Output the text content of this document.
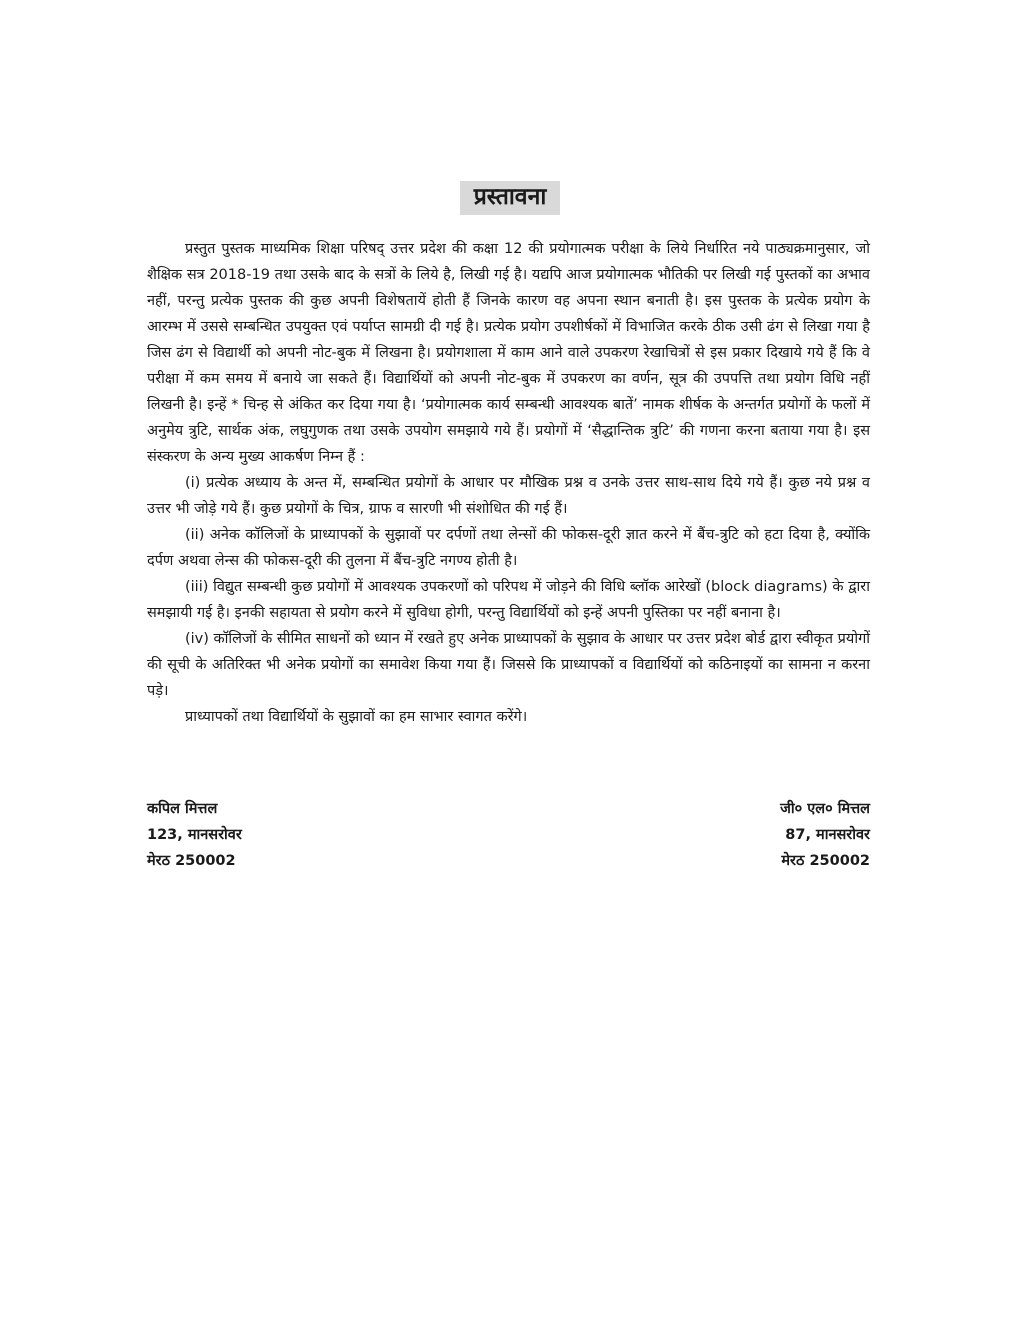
प्रस्तावना

प्रस्तुत पुस्तक माध्यमिक शिक्षा परिषद् उत्तर प्रदेश की कक्षा 12 की प्रयोगात्मक परीक्षा के लिये निर्धारित नये पाठ्यक्रमानुसार, जो शैक्षिक सत्र 2018-19 तथा उसके बाद के सत्रों के लिये है, लिखी गई है। यद्यपि आज प्रयोगात्मक भौतिकी पर लिखी गई पुस्तकों का अभाव नहीं, परन्तु प्रत्येक पुस्तक की कुछ अपनी विशेषतायें होती हैं जिनके कारण वह अपना स्थान बनाती है। इस पुस्तक के प्रत्येक प्रयोग के आरम्भ में उससे सम्बन्धित उपयुक्त एवं पर्याप्त सामग्री दी गई है। प्रत्येक प्रयोग उपशीर्षकों में विभाजित करके ठीक उसी ढंग से लिखा गया है जिस ढंग से विद्यार्थी को अपनी नोट-बुक में लिखना है। प्रयोगशाला में काम आने वाले उपकरण रेखाचित्रों से इस प्रकार दिखाये गये हैं कि वे परीक्षा में कम समय में बनाये जा सकते हैं। विद्यार्थियों को अपनी नोट-बुक में उपकरण का वर्णन, सूत्र की उपपत्ति तथा प्रयोग विधि नहीं लिखनी है। इन्हें * चिन्ह से अंकित कर दिया गया है। ‘प्रयोगात्मक कार्य सम्बन्धी आवश्यक बातें’ नामक शीर्षक के अन्तर्गत प्रयोगों के फलों में अनुमेय त्रुटि, सार्थक अंक, लघुगुणक तथा उसके उपयोग समझाये गये हैं। प्रयोगों में ‘सैद्धान्तिक त्रुटि’ की गणना करना बताया गया है। इस संस्करण के अन्य मुख्य आकर्षण निम्न हैं :

(i) प्रत्येक अध्याय के अन्त में, सम्बन्धित प्रयोगों के आधार पर मौखिक प्रश्न व उनके उत्तर साथ-साथ दिये गये हैं। कुछ नये प्रश्न व उत्तर भी जोड़े गये हैं। कुछ प्रयोगों के चित्र, ग्राफ व सारणी भी संशोधित की गई हैं।

(ii) अनेक कॉलिजों के प्राध्यापकों के सुझावों पर दर्पणों तथा लेन्सों की फोकस-दूरी ज्ञात करने में बैंच-त्रुटि को हटा दिया है, क्योंकि दर्पण अथवा लेन्स की फोकस-दूरी की तुलना में बैंच-त्रुटि नगण्य होती है।

(iii) विद्युत सम्बन्धी कुछ प्रयोगों में आवश्यक उपकरणों को परिपथ में जोड़ने की विधि ब्लॉक आरेखों (block diagrams) के द्वारा समझायी गई है। इनकी सहायता से प्रयोग करने में सुविधा होगी, परन्तु विद्यार्थियों को इन्हें अपनी पुस्तिका पर नहीं बनाना है।

(iv) कॉलिजों के सीमित साधनों को ध्यान में रखते हुए अनेक प्राध्यापकों के सुझाव के आधार पर उत्तर प्रदेश बोर्ड द्वारा स्वीकृत प्रयोगों की सूची के अतिरिक्त भी अनेक प्रयोगों का समावेश किया गया हैं। जिससे कि प्राध्यापकों व विद्यार्थियों को कठिनाइयों का सामना न करना पड़े।

प्राध्यापकों तथा विद्यार्थियों के सुझावों का हम साभार स्वागत करेंगे।

कपिल मित्तल
123, मानसरोवर
मेरठ 250002
जी० एल० मित्तल
87, मानसरोवर
मेरठ 250002
